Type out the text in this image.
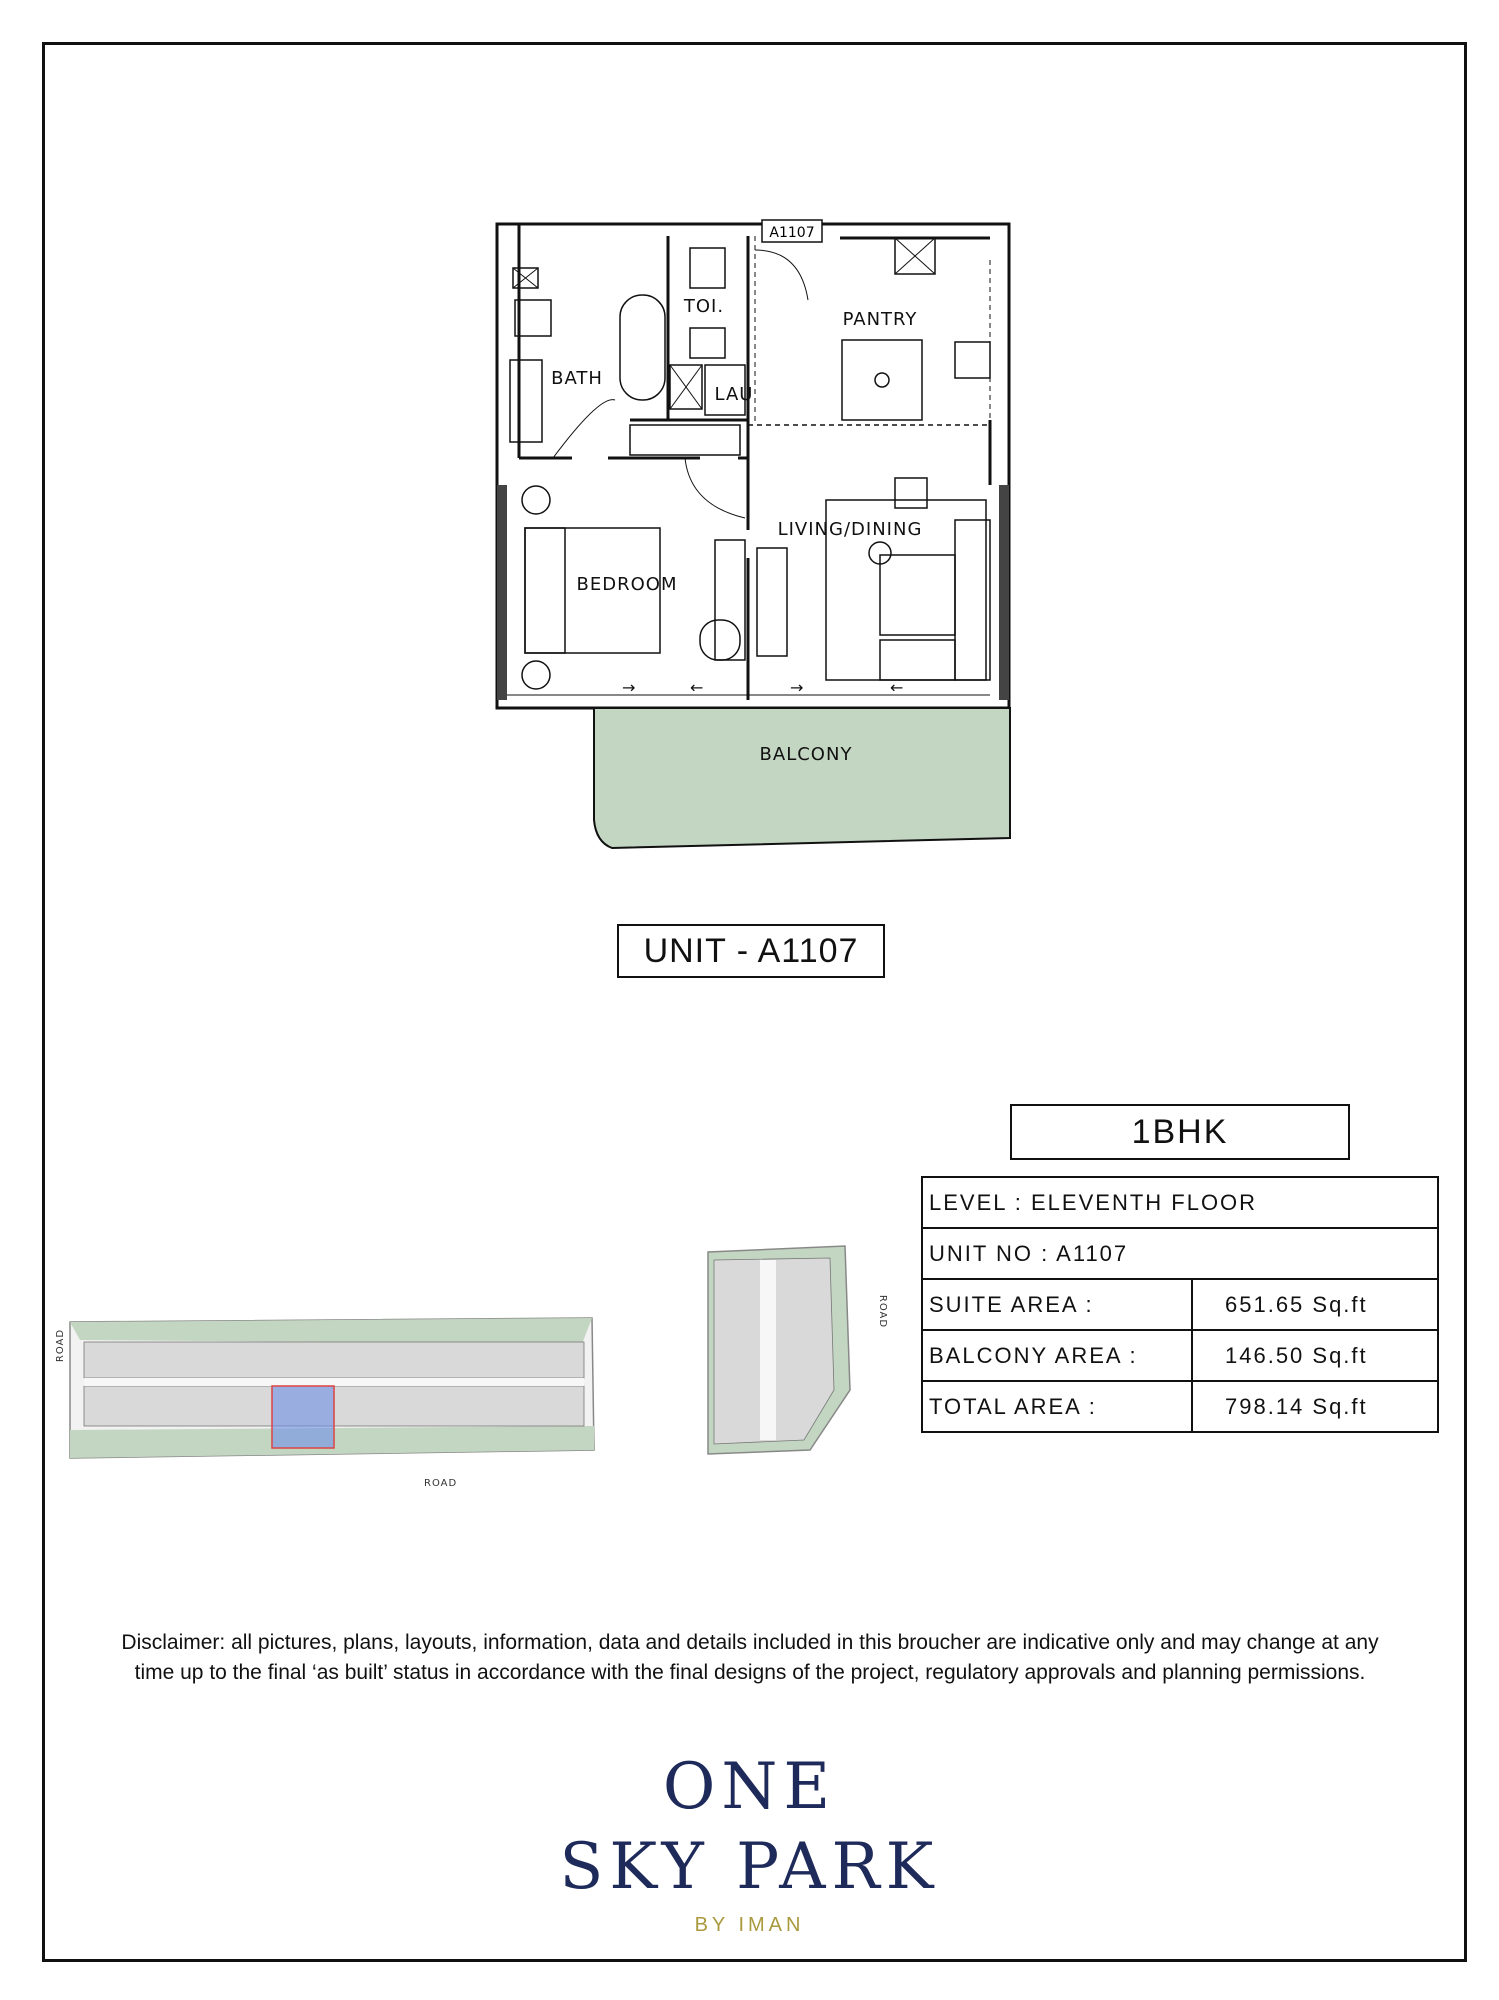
A1107
→	←	→	←
TOI.
PANTRY
BATH
LAU
LIVING/DINING
BEDROOM
BALCONY
UNIT - A1107
1BHK
LEVEL : ELEVENTH FLOOR	
UNIT NO : A1107	
SUITE AREA :	651.65 Sq.ft
BALCONY AREA :	146.50 Sq.ft
TOTAL AREA :	798.14 Sq.ft
ROAD
ROAD
ROAD
Disclaimer: all pictures, plans, layouts, information, data and details included in this broucher are indicative only and may change at any time up to the final ‘as built’ status in accordance with the final designs of the project, regulatory approvals and planning permissions.
ONE
SKY PARK
BY IMAN
